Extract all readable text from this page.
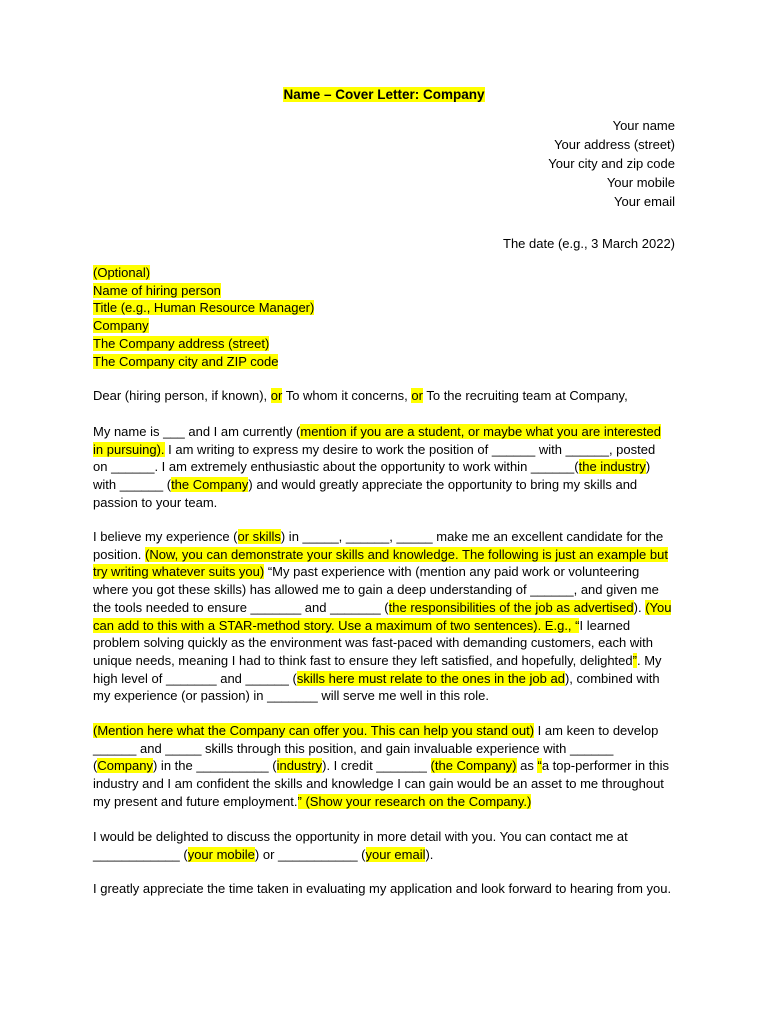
Name – Cover Letter: Company
Your name
Your address (street)
Your city and zip code
Your mobile
Your email
The date (e.g., 3 March 2022)
(Optional)
Name of hiring person
Title (e.g., Human Resource Manager)
Company
The Company address (street)
The Company city and ZIP code
Dear (hiring person, if known), or To whom it concerns, or To the recruiting team at Company,
My name is ___ and I am currently (mention if you are a student, or maybe what you are interested in pursuing). I am writing to express my desire to work the position of ______ with ______, posted on ______. I am extremely enthusiastic about the opportunity to work within ______(the industry) with ______ (the Company) and would greatly appreciate the opportunity to bring my skills and passion to your team.
I believe my experience (or skills) in _____, ______, _____ make me an excellent candidate for the position. (Now, you can demonstrate your skills and knowledge. The following is just an example but try writing whatever suits you) “My past experience with (mention any paid work or volunteering where you got these skills) has allowed me to gain a deep understanding of ______, and given me the tools needed to ensure _______ and _______ (the responsibilities of the job as advertised). (You can add to this with a STAR-method story. Use a maximum of two sentences). E.g., “I learned problem solving quickly as the environment was fast-paced with demanding customers, each with unique needs, meaning I had to think fast to ensure they left satisfied, and hopefully, delighted”. My high level of _______ and ______ (skills here must relate to the ones in the job ad), combined with my experience (or passion) in _______ will serve me well in this role.
(Mention here what the Company can offer you. This can help you stand out) I am keen to develop ______ and _____ skills through this position, and gain invaluable experience with ______ (Company) in the __________ (industry). I credit _______ (the Company) as “a top-performer in this industry and I am confident the skills and knowledge I can gain would be an asset to me throughout my present and future employment.” (Show your research on the Company.)
I would be delighted to discuss the opportunity in more detail with you. You can contact me at ____________ (your mobile) or ___________ (your email).
I greatly appreciate the time taken in evaluating my application and look forward to hearing from you.
